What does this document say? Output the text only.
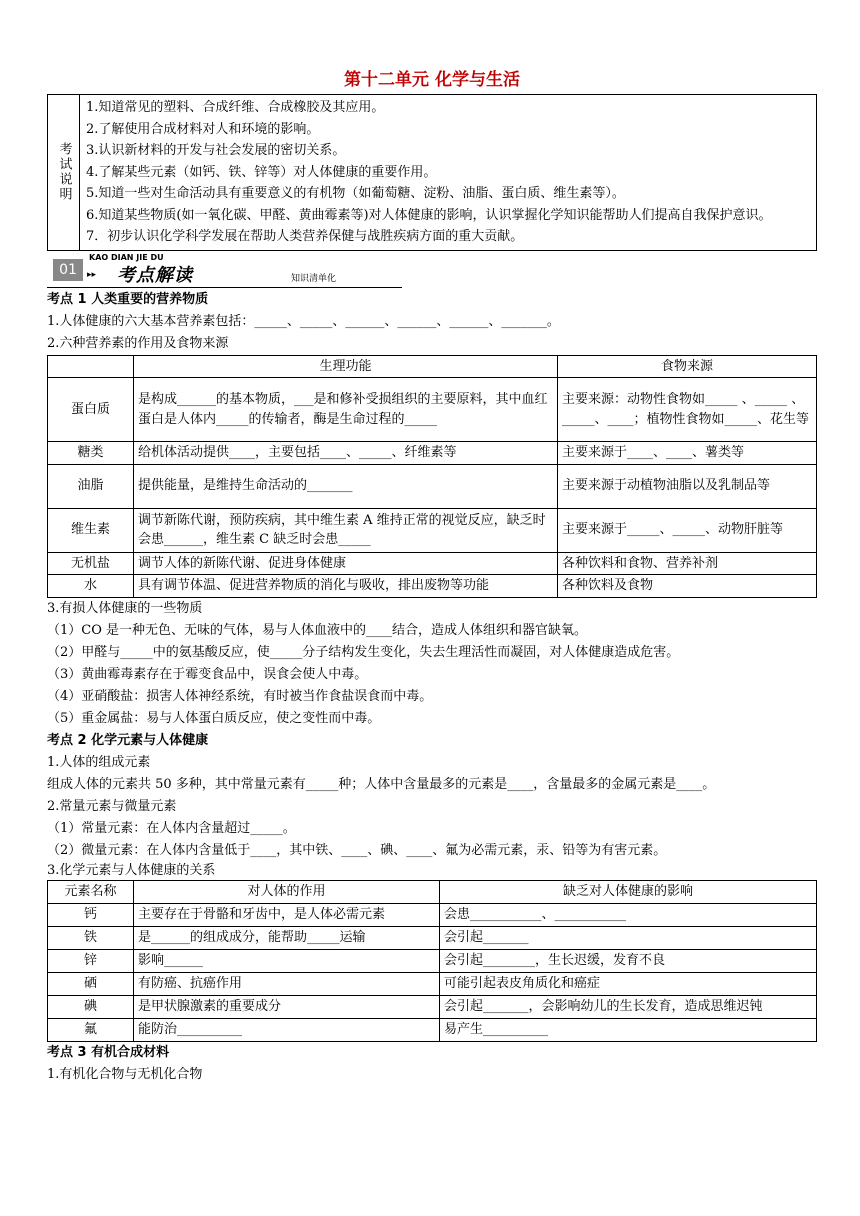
第十二单元 化学与生活
考试说明	
1.知道常见的塑料、合成纤维、合成橡胶及其应用。
2.了解使用合成材料对人和环境的影响。
3.认识新材料的开发与社会发展的密切关系。
4.了解某些元素（如钙、铁、锌等）对人体健康的重要作用。
5.知道一些对生命活动具有重要意义的有机物（如葡萄糖、淀粉、油脂、蛋白质、维生素等）。
6.知道某些物质(如一氧化碳、甲醛、黄曲霉素等)对人体健康的影响，认识掌握化学知识能帮助人们提高自我保护意识。
7．初步认识化学科学发展在帮助人类营养保健与战胜疾病方面的重大贡献。
01
KAO DIAN JIE DU
▸▸ 考点解读	知识清单化
考点 1 人类重要的营养物质
1.人体健康的六大基本营养素包括：_____、_____、______、______、______、_______。
2.六种营养素的作用及食物来源
	生理功能	食物来源
蛋白质	是构成______的基本物质，___是和修补受损组织的主要原料，其中血红蛋白是人体内_____的传输者，酶是生命过程的_____	主要来源：动物性食物如_____ 、_____ 、_____、____；植物性食物如_____、花生等
糖类	给机体活动提供____，主要包括____、_____、纤维素等	主要来源于____、____、薯类等
油脂	提供能量，是维持生命活动的_______	主要来源于动植物油脂以及乳制品等
维生素	调节新陈代谢，预防疾病，其中维生素 A 维持正常的视觉反应，缺乏时会患______，维生素 C 缺乏时会患_____	主要来源于_____、_____、动物肝脏等
无机盐	调节人体的新陈代谢、促进身体健康	各种饮料和食物、营养补剂
水	具有调节体温、促进营养物质的消化与吸收，排出废物等功能	各种饮料及食物
3.有损人体健康的一些物质
（1）CO 是一种无色、无味的气体，易与人体血液中的____结合，造成人体组织和器官缺氧。
（2）甲醛与_____中的氨基酸反应，使_____分子结构发生变化，失去生理活性而凝固，对人体健康造成危害。
（3）黄曲霉毒素存在于霉变食品中，误食会使人中毒。
（4）亚硝酸盐：损害人体神经系统，有时被当作食盐误食而中毒。
（5）重金属盐：易与人体蛋白质反应，使之变性而中毒。
考点 2 化学元素与人体健康
1.人体的组成元素
组成人体的元素共 50 多种，其中常量元素有_____种；人体中含量最多的元素是____，含量最多的金属元素是____。
2.常量元素与微量元素
（1）常量元素：在人体内含量超过_____。
（2）微量元素：在人体内含量低于____，其中铁、____、碘、____、氟为必需元素，汞、铅等为有害元素。
3.化学元素与人体健康的关系
元素名称	对人体的作用	缺乏对人体健康的影响
钙	主要存在于骨骼和牙齿中，是人体必需元素	会患___________、___________
铁	是______的组成成分，能帮助_____运输	会引起_______
锌	影响______	会引起________，生长迟缓，发育不良
硒	有防癌、抗癌作用	可能引起表皮角质化和癌症
碘	是甲状腺激素的重要成分	会引起_______，会影响幼儿的生长发育，造成思维迟钝
氟	能防治__________	易产生__________
考点 3 有机合成材料
1.有机化合物与无机化合物
